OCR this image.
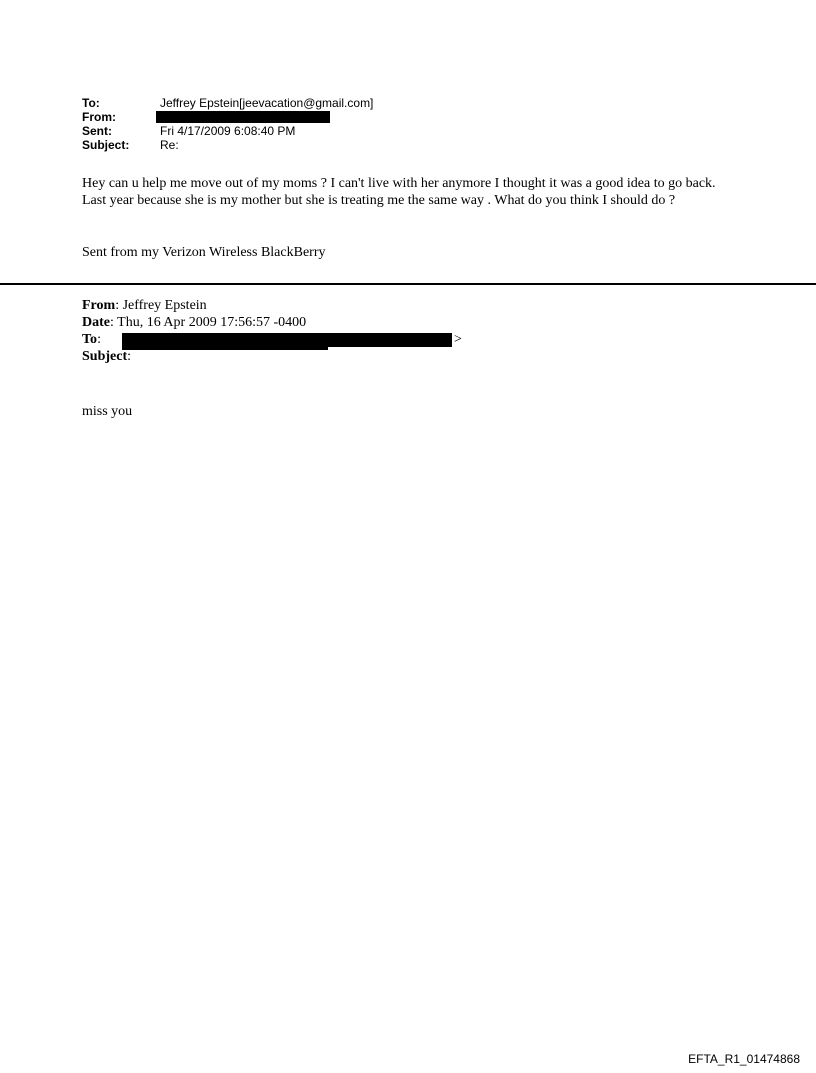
To:	Jeffrey Epstein[jeevacation@gmail.com]
From:
Sent:	Fri 4/17/2009 6:08:40 PM
Subject:	Re:
Hey can u help me move out of my moms ? I can't live with her anymore I thought it was a good idea to go back. Last year because she is my mother but she is treating me the same way . What do you think I should do ?
Sent from my Verizon Wireless BlackBerry
From: Jeffrey Epstein
Date: Thu, 16 Apr 2009 17:56:57 -0400
To:	>
Subject:
miss you
EFTA_R1_01474868
